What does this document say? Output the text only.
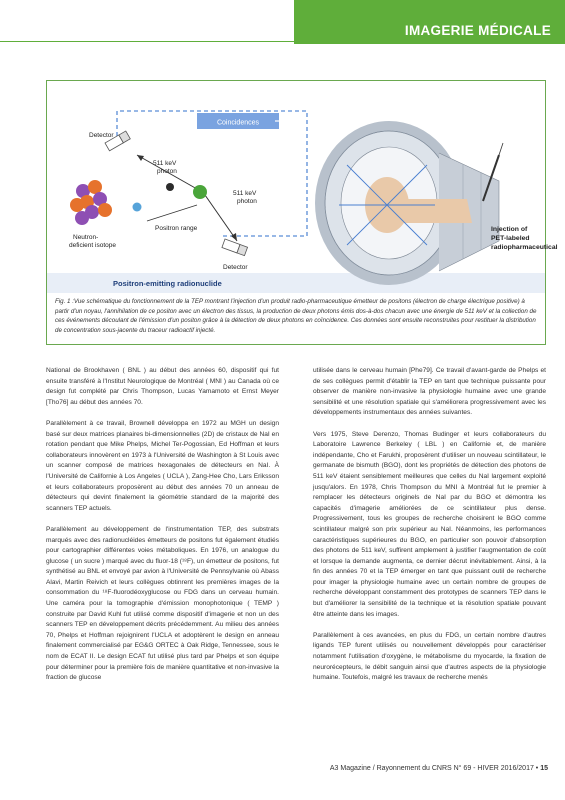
IMAGERIE MÉDICALE
Coincidences
Detector
511 keV
photon
511 keV
photon
Positron range
Neutron-
deficient isotope
Detector
Positron-emitting radionuclide
Injection of
PET-labeled
radiopharmaceutical
Fig. 1 :Vue schématique du fonctionnement de la TEP montrant l'injection d'un produit radio-pharmaceutique émetteur de positons (électron de charge électrique positive) à partir d'un noyau, l'annihilation de ce positon avec un électron des tissus, la production de deux photons émis dos-à-dos chacun avec une énergie de 511 keV et la collection de ces événements découlant de l'émission d'un positon grâce à la détection de deux photons en coïncidence. Ces données sont ensuite reconstruites pour restituer la distribution de concentration sous-jacente du traceur radioactif injecté.

National de Brookhaven ( BNL ) au début des années 60, dispositif qui fut ensuite transféré à l'Institut Neurologique de Montréal ( MNI ) au Canada où ce design fut complété par Chris Thompson, Lucas Yamamoto et Ernst Meyer [Tho76] au début des années 70.

Parallèlement à ce travail, Brownell développa en 1972 au MGH un design basé sur deux matrices planaires bi-dimensionnelles (2D) de cristaux de NaI en rotation pendant que Mike Phelps, Michel Ter-Pogossian, Ed Hoffman et leurs collaborateurs innovèrent en 1973 à l'Université de Washington à St Louis avec un scanner composé de matrices hexagonales de détecteurs en NaI. À l'Université de Californie à Los Angeles ( UCLA ), Zang-Hee Cho, Lars Eriksson et leurs collaborateurs proposèrent au début des années 70 un anneau de détecteurs qui devint finalement la géométrie standard de la majorité des scanners TEP actuels.

Parallèlement au développement de l'instrumentation TEP, des substrats marqués avec des radionucléides émetteurs de positons fut également étudiés pour cartographier différentes voies métaboliques. En 1976, un analogue du glucose ( un sucre ) marqué avec du fluor-18 (¹⁸F), un émetteur de positons, fut synthétisé au BNL et envoyé par avion à l'Université de Pennsylvanie où Abass Alavi, Martin Reivich et leurs collègues obtinrent les premières images de la consommation du ¹⁸F-fluorodéoxyglucose ou FDG dans un cerveau humain. Une caméra pour la tomographie d'émission monophotonique ( TEMP ) construite par David Kuhl fut utilisé comme dispositif d'imagerie et non un des scanners TEP en développement décrits précédemment. Au milieu des années 70, Phelps et Hoffman rejoignirent l'UCLA et adoptèrent le design en anneau finalement commercialisé par EG&G ORTEC à Oak Ridge, Tennessee, sous le nom de ECAT II. Le design ECAT fut utilisé plus tard par Phelps et son équipe pour déterminer pour la première fois de manière quantitative et non-invasive la fraction de glucose

utilisée dans le cerveau humain [Phe79]. Ce travail d'avant-garde de Phelps et de ses collègues permit d'établir la TEP en tant que technique puissante pour observer de manière non-invasive la physiologie humaine avec une grande sensibilité et une résolution spatiale qui s'améliorera progressivement avec les développements instrumentaux des années suivantes.

Vers 1975, Steve Derenzo, Thomas Budinger et leurs collaborateurs du Laboratoire Lawrence Berkeley ( LBL ) en Californie et, de manière indépendante, Cho et Farukhi, proposèrent d'utiliser un nouveau scintillateur, le germanate de bismuth (BGO), dont les propriétés de détection des photons de 511 keV étaient sensiblement meilleures que celles du NaI largement exploité jusqu'alors. En 1978, Chris Thompson du MNI à Montréal fut le premier à remplacer les détecteurs originels de NaI par du BGO et démontra les capacités d'imagerie améliorées de ce scintillateur plus dense. Progressivement, tous les groupes de recherche choisirent le BGO comme scintillateur malgré son prix supérieur au NaI. Néanmoins, les performances caractéristiques supérieures du BGO, en particulier son pouvoir d'absorption des photons de 511 keV, suffirent amplement à justifier l'augmentation de coût et lorsque la demande augmenta, ce dernier décrut inévitablement. Ainsi, à la fin des années 70 et la TEP émerger en tant que puissant outil de recherche pour imager la physiologie humaine avec un certain nombre de groupes de recherche développant constamment des prototypes de scanners TEP dans le but d'améliorer la sensibilité de la technique et la résolution spatiale pouvant être atteinte dans les images.

Parallèlement à ces avancées, en plus du FDG, un certain nombre d'autres ligands TEP furent utilisés ou nouvellement développés pour caractériser notamment l'utilisation d'oxygène, le métabolisme du myocarde, la fixation de neurorécepteurs, le débit sanguin ainsi que d'autres aspects de la physiologie humaine. Toutefois, malgré les travaux de recherche menés

A3 Magazine / Rayonnement du CNRS N° 69 - HIVER 2016/2017 • 15
